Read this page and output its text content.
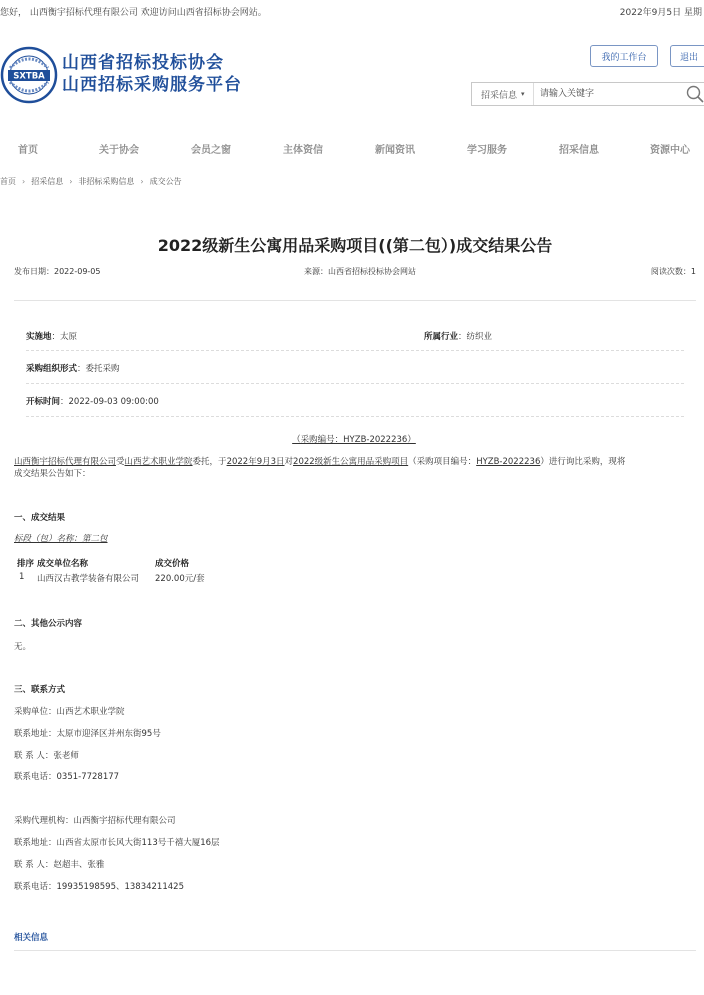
您好， 山西衡宇招标代理有限公司 欢迎访问山西省招标协会网站。	2022年9月5日 星期
SXTBA
山西省招标投标协会
山西招标采购服务平台
我的工作台	退出
招采信息 ▾
请输入关键字
首页	关于协会	会员之窗	主体资信	新闻资讯	学习服务	招采信息	资源中心
首页 › 招采信息 › 非招标采购信息 › 成交公告
2022级新生公寓用品采购项目((第二包）)成交结果公告
发布日期：2022-09-05	来源：山西省招标投标协会网站	阅读次数：1
实施地：太原	所属行业：纺织业
采购组织形式：委托采购
开标时间：2022-09-03 09:00:00
（采购编号：HYZB-2022236）
山西衡宇招标代理有限公司受山西艺术职业学院委托，于2022年9月3日对2022级新生公寓用品采购项目（采购项目编号：HYZB-2022236）进行询比采购，现将
成交结果公告如下：
一、成交结果
标段（包）名称：第二包
排序 成交单位名称	成交价格
1 山西汉古教学装备有限公司 220.00元/套
二、其他公示内容
无。
三、联系方式
采购单位：山西艺术职业学院
联系地址：太原市迎泽区并州东街95号
联 系 人：张老师
联系电话：0351-7728177
采购代理机构：山西衡宇招标代理有限公司
联系地址：山西省太原市长风大街113号千禧大厦16层
联 系 人：赵超丰、张雅
联系电话：19935198595、13834211425
相关信息
